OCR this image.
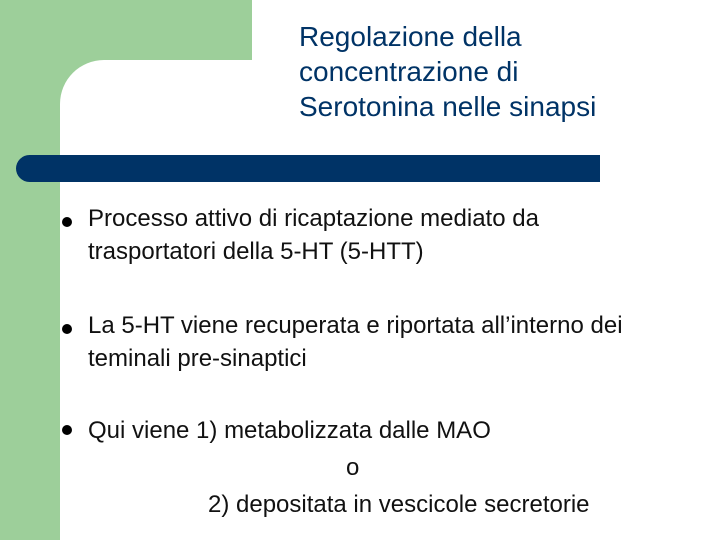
Regolazione della
concentrazione di
Serotonina nelle sinapsi
Processo attivo di ricaptazione mediato da
trasportatori della 5-HT (5-HTT)
La 5-HT viene recuperata e riportata all’interno dei
teminali pre-sinaptici
Qui viene 1) metabolizzata dalle MAO
o
2) depositata in vescicole secretorie
